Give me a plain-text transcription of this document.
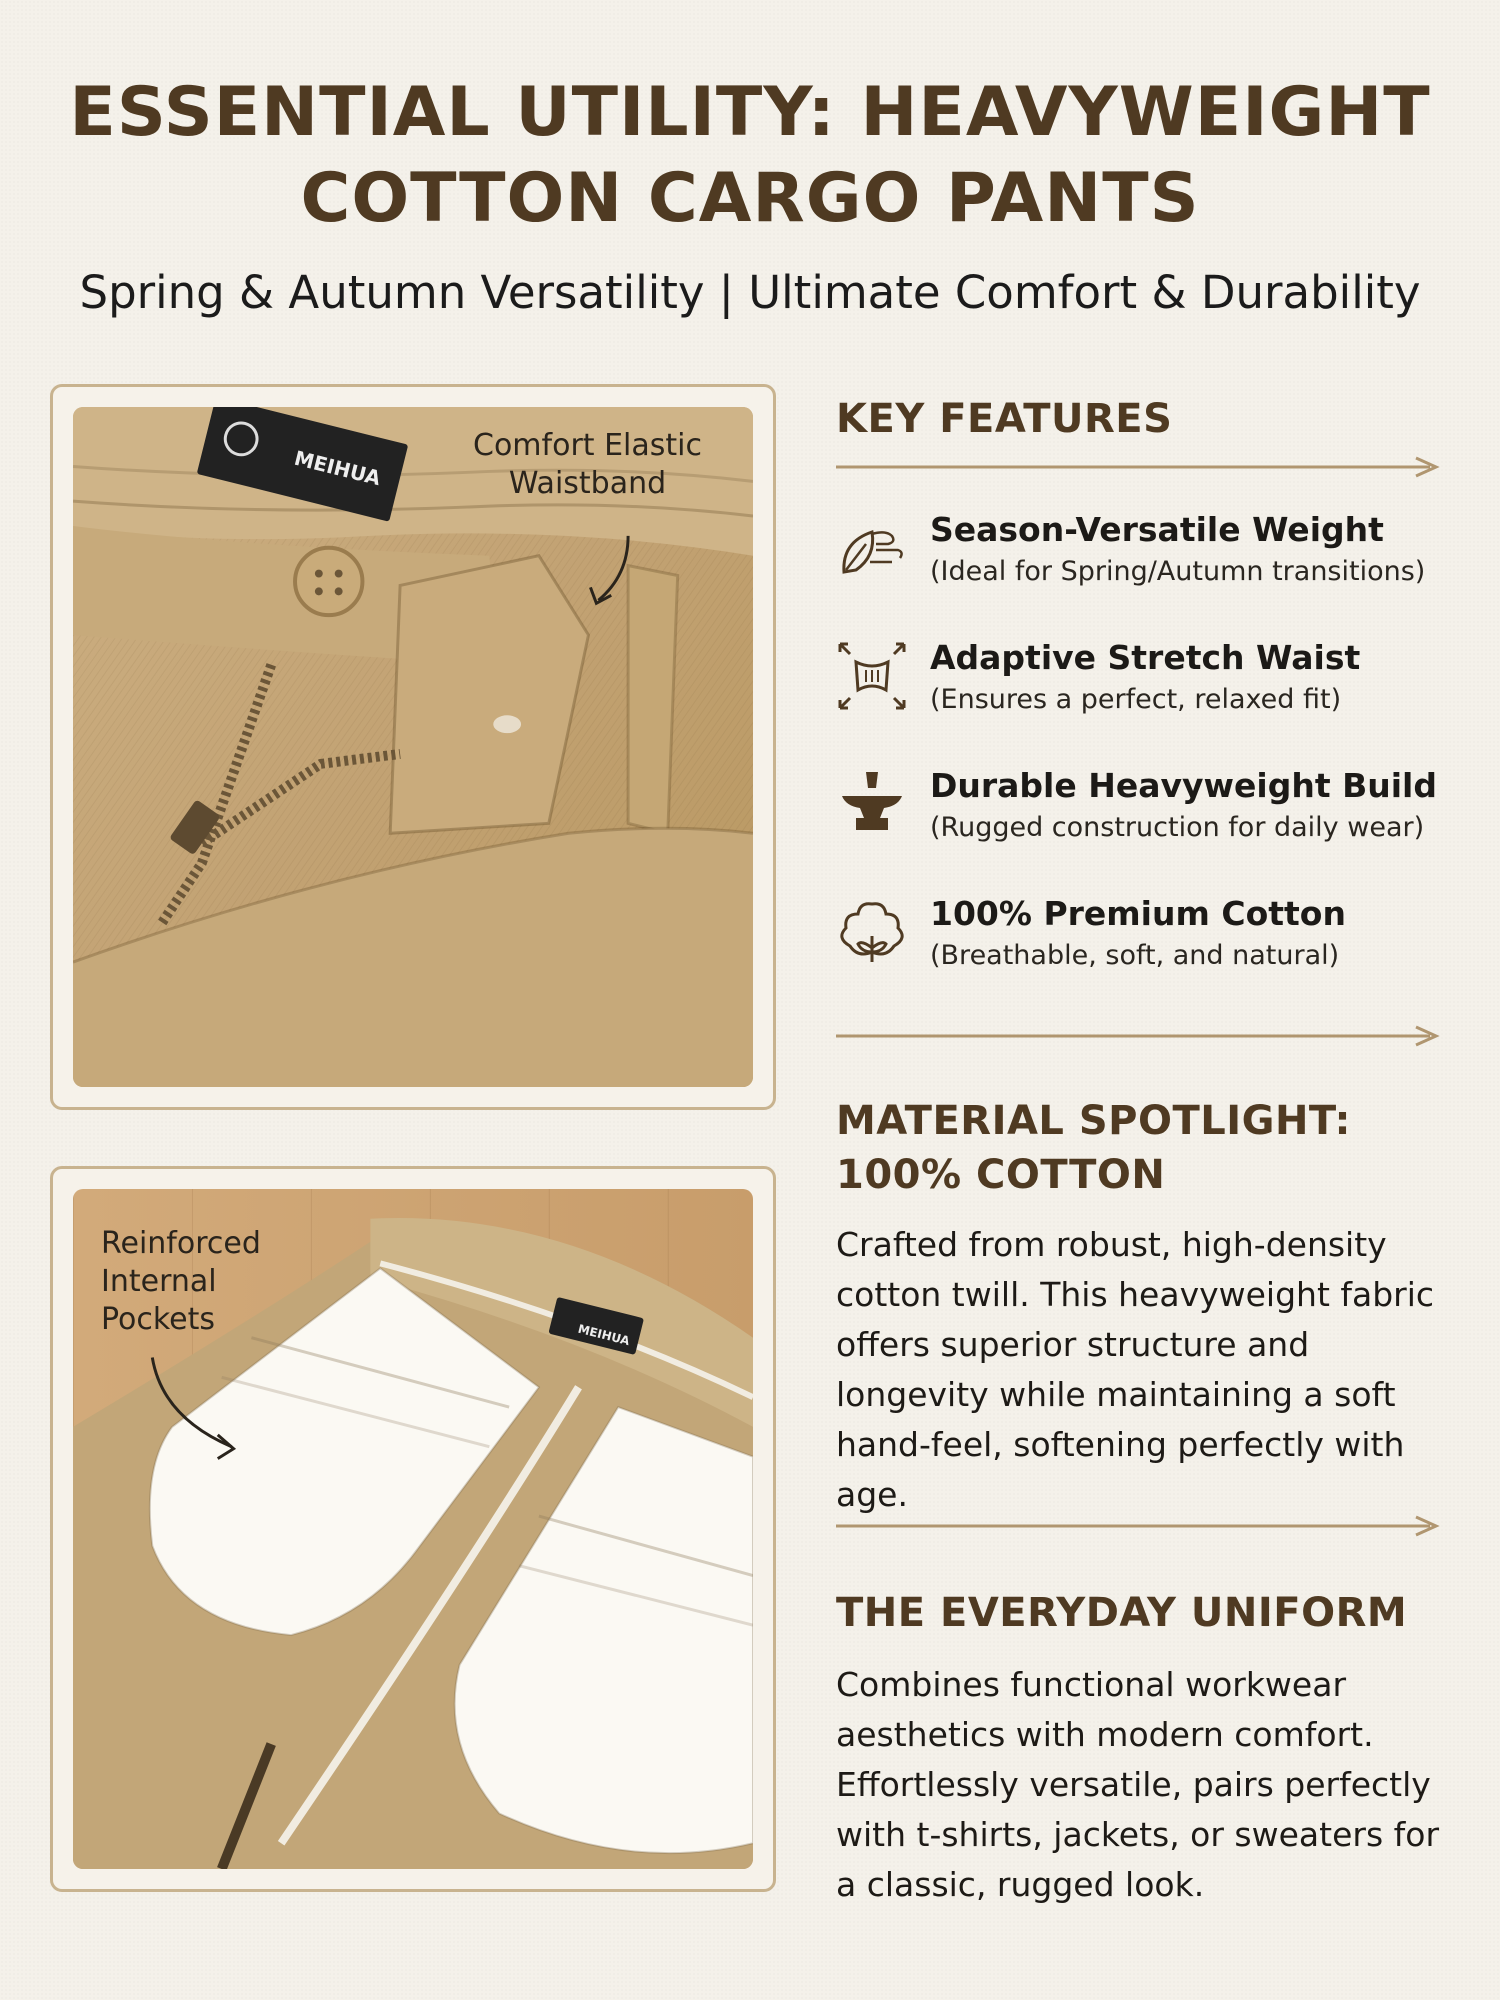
ESSENTIAL UTILITY: HEAVYWEIGHT
COTTON CARGO PANTS

Spring & Autumn Versatility | Ultimate Comfort & Durability

MEIHUA
Comfort Elastic
Waistband
MEIHUA
Reinforced
Internal
Pockets
KEY FEATURES
Season-Versatile Weight
(Ideal for Spring/Autumn transitions)
Adaptive Stretch Waist
(Ensures a perfect, relaxed fit)
Durable Heavyweight Build
(Rugged construction for daily wear)
100% Premium Cotton
(Breathable, soft, and natural)
MATERIAL SPOTLIGHT:
100% COTTON

Crafted from robust, high-density
cotton twill. This heavyweight fabric
offers superior structure and
longevity while maintaining a soft
hand-feel, softening perfectly with age.

THE EVERYDAY UNIFORM

Combines functional workwear
aesthetics with modern comfort.
Effortlessly versatile, pairs perfectly
with t-shirts, jackets, or sweaters for
a classic, rugged look.
